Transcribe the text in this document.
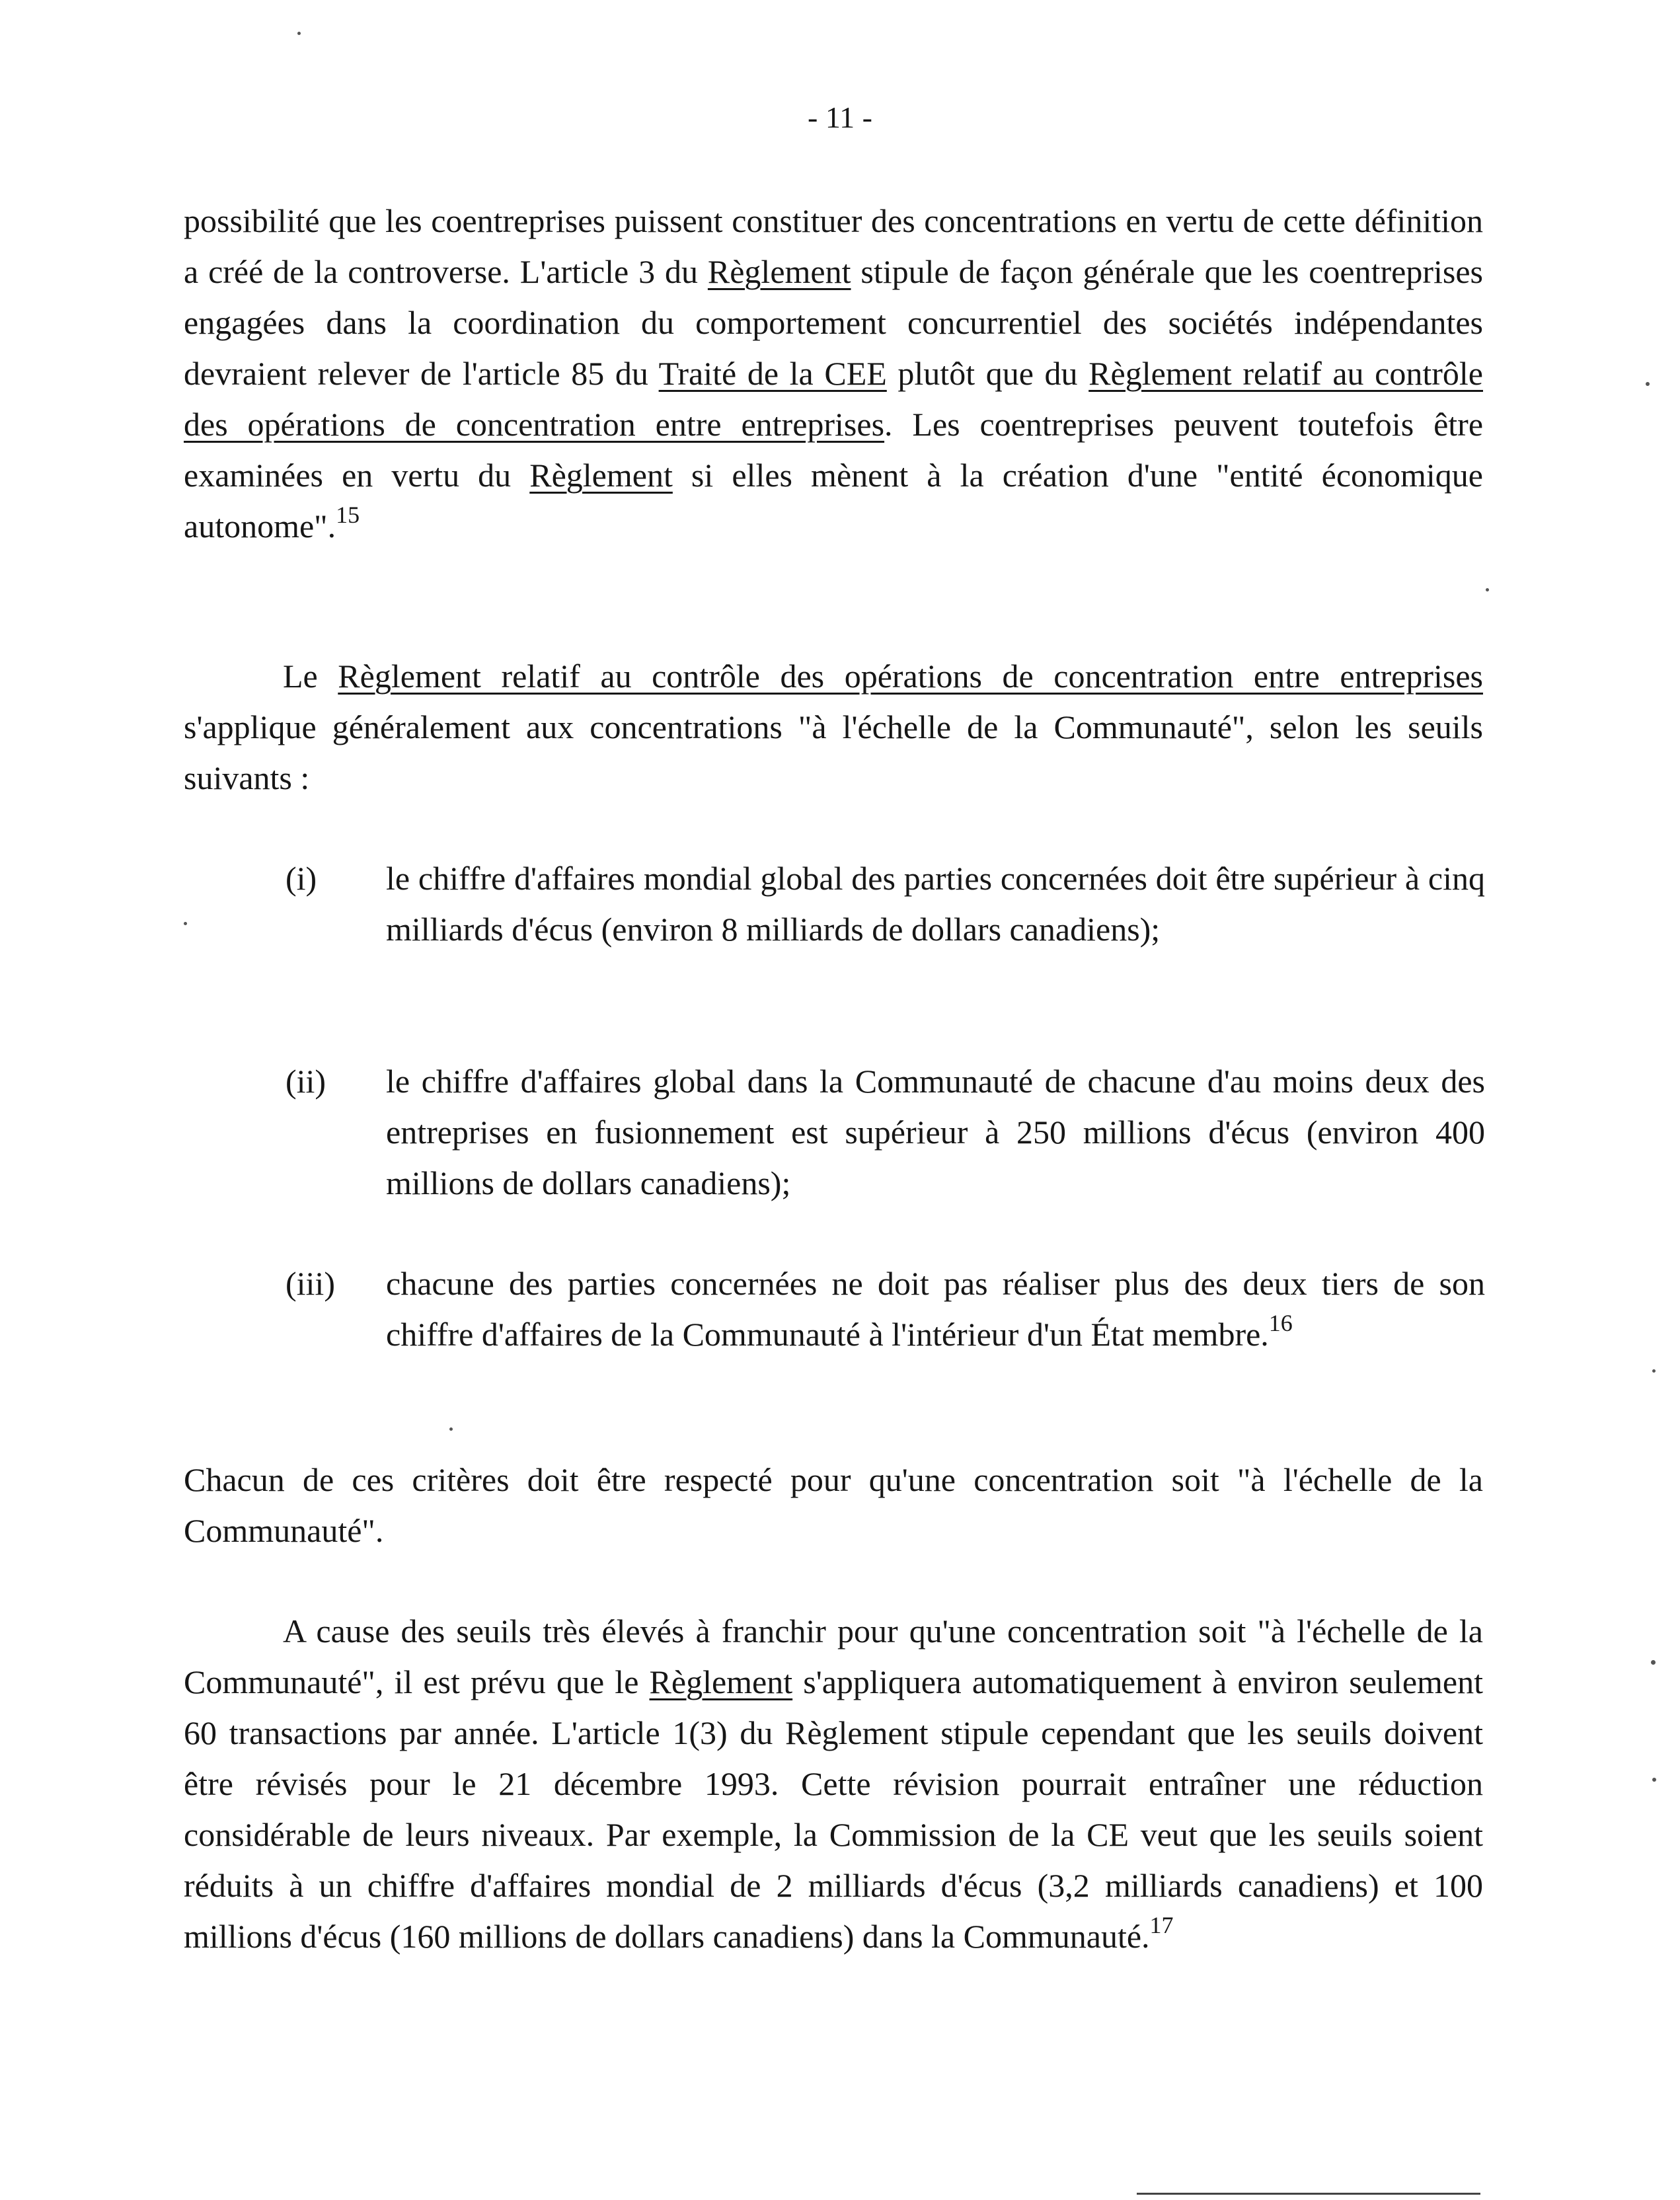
- 11 -

possibilité que les coentreprises puissent constituer des concentrations en vertu de cette définition a créé de la controverse. L'article 3 du Règlement stipule de façon générale que les coentreprises engagées dans la coordination du comportement concurrentiel des sociétés indépendantes devraient relever de l'article 85 du Traité de la CEE plutôt que du Règlement relatif au contrôle des opérations de concentration entre entreprises. Les coentreprises peuvent toutefois être examinées en vertu du Règlement si elles mènent à la création d'une "entité économique autonome".$^{15}$

Le Règlement relatif au contrôle des opérations de concentration entre entreprises s'applique généralement aux concentrations "à l'échelle de la Communauté", selon les seuils suivants :

(i)	le chiffre d'affaires mondial global des parties concernées doit être supérieur à cinq milliards d'écus (environ 8 milliards de dollars canadiens);
(ii)	le chiffre d'affaires global dans la Communauté de chacune d'au moins deux des entreprises en fusionnement est supérieur à 250 millions d'écus (environ 400 millions de dollars canadiens);
(iii)	chacune des parties concernées ne doit pas réaliser plus des deux tiers de son chiffre d'affaires de la Communauté à l'intérieur d'un État membre.$^{16}$

Chacun de ces critères doit être respecté pour qu'une concentration soit "à l'échelle de la Communauté".

A cause des seuils très élevés à franchir pour qu'une concentration soit "à l'échelle de la Communauté", il est prévu que le Règlement s'appliquera automatiquement à environ seulement 60 transactions par année. L'article 1(3) du Règlement stipule cependant que les seuils doivent être révisés pour le 21 décembre 1993. Cette révision pourrait entraîner une réduction considérable de leurs niveaux. Par exemple, la Commission de la CE veut que les seuils soient réduits à un chiffre d'affaires mondial de 2 milliards d'écus (3,2 milliards canadiens) et 100 millions d'écus (160 millions de dollars canadiens) dans la Communauté.$^{17}$
